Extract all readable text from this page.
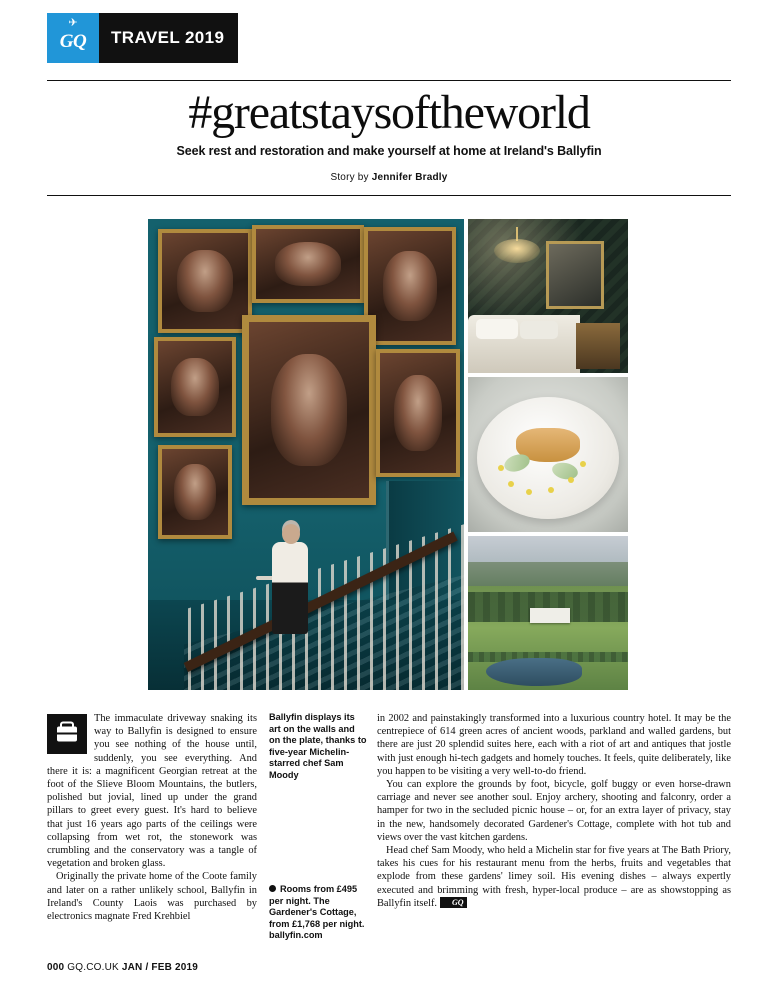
✈
GQ	TRAVEL 2019
#greatstaysoftheworld
Seek rest and restoration and make yourself at home at Ireland's Ballyfin
Story by Jennifer Bradly

The immaculate driveway snaking its way to Ballyfin is designed to ensure you see nothing of the house until, suddenly, you see everything. And there it is: a magnificent Georgian retreat at the foot of the Slieve Bloom Mountains, the butlers, polished but jovial, lined up under the grand pillars to greet every guest. It's hard to believe that just 16 years ago parts of the ceilings were collapsing from wet rot, the stonework was crumbling and the conservatory was a tangle of vegetation and broken glass.

Originally the private home of the Coote family and later on a rather unlikely school, Ballyfin in Ireland's County Laois was purchased by electronics magnate Fred Krehbiel

Ballyfin displays its art on the walls and on the plate, thanks to five-year Michelin-starred chef Sam Moody
Rooms from £495 per night. The Gardener's Cottage, from £1,768 per night. ballyfin.com

in 2002 and painstakingly transformed into a luxurious country hotel. It may be the centrepiece of 614 green acres of ancient woods, parkland and walled gardens, but there are just 20 splendid suites here, each with a riot of art and antiques that jostle with just enough hi-tech gadgets and homely touches. It feels, quite deliberately, like you happen to be visiting a very well-to-do friend.

You can explore the grounds by foot, bicycle, golf buggy or even horse-drawn carriage and never see another soul. Enjoy archery, shooting and falconry, order a hamper for two in the secluded picnic house – or, for an extra layer of privacy, stay in the new, handsomely decorated Gardener's Cottage, complete with hot tub and views over the vast kitchen gardens.

Head chef Sam Moody, who held a Michelin star for five years at The Bath Priory, takes his cues for his restaurant menu from the herbs, fruits and vegetables that explode from these gardens' limey soil. His evening dishes – always expertly executed and brimming with fresh, hyper-local produce – are as showstopping as Ballyfin itself. GQ

000 GQ.CO.UK JAN / FEB 2019
